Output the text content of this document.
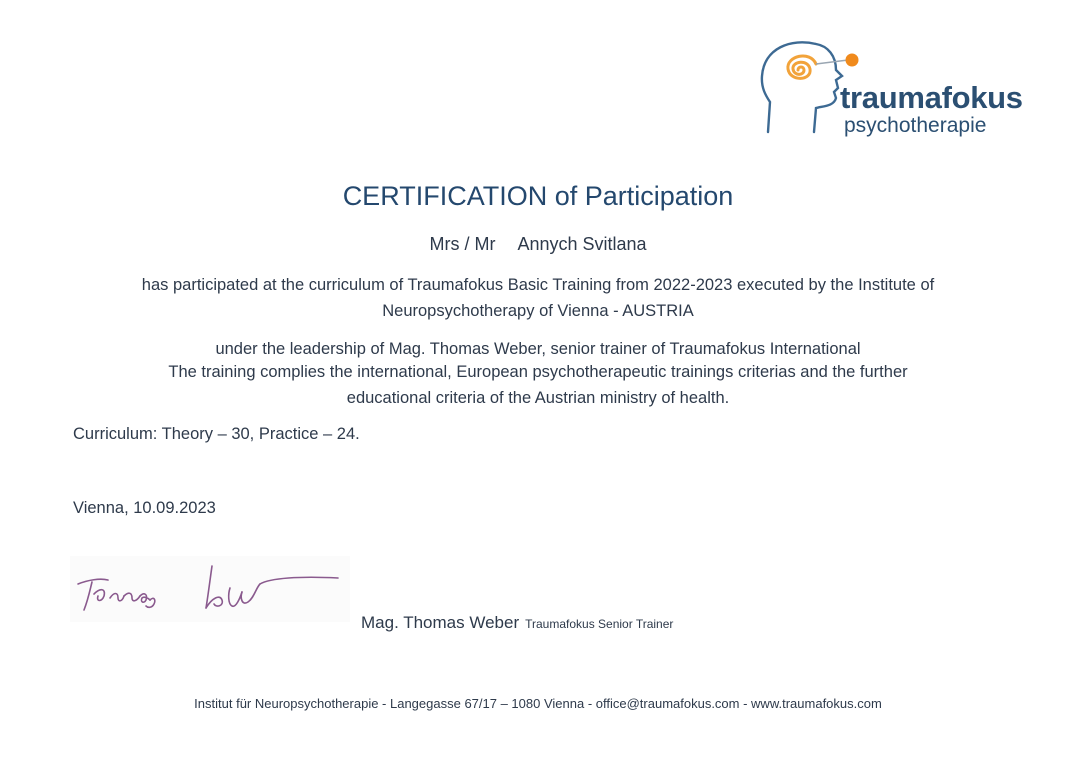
traumafokus
psychotherapie
CERTIFICATION of Participation
Mrs / Mr Annych Svitlana
has participated at the curriculum of Traumafokus Basic Training from 2022-2023 executed by the Institute of
Neuropsychotherapy of Vienna - AUSTRIA
under the leadership of Mag. Thomas Weber, senior trainer of Traumafokus International
The training complies the international, European psychotherapeutic trainings criterias and the further
educational criteria of the Austrian ministry of health.
Curriculum: Theory – 30, Practice – 24.
Vienna, 10.09.2023
Mag. Thomas Weber Traumafokus Senior Trainer
Institut für Neuropsychotherapie - Langegasse 67/17 – 1080 Vienna - office@traumafokus.com - www.traumafokus.com
